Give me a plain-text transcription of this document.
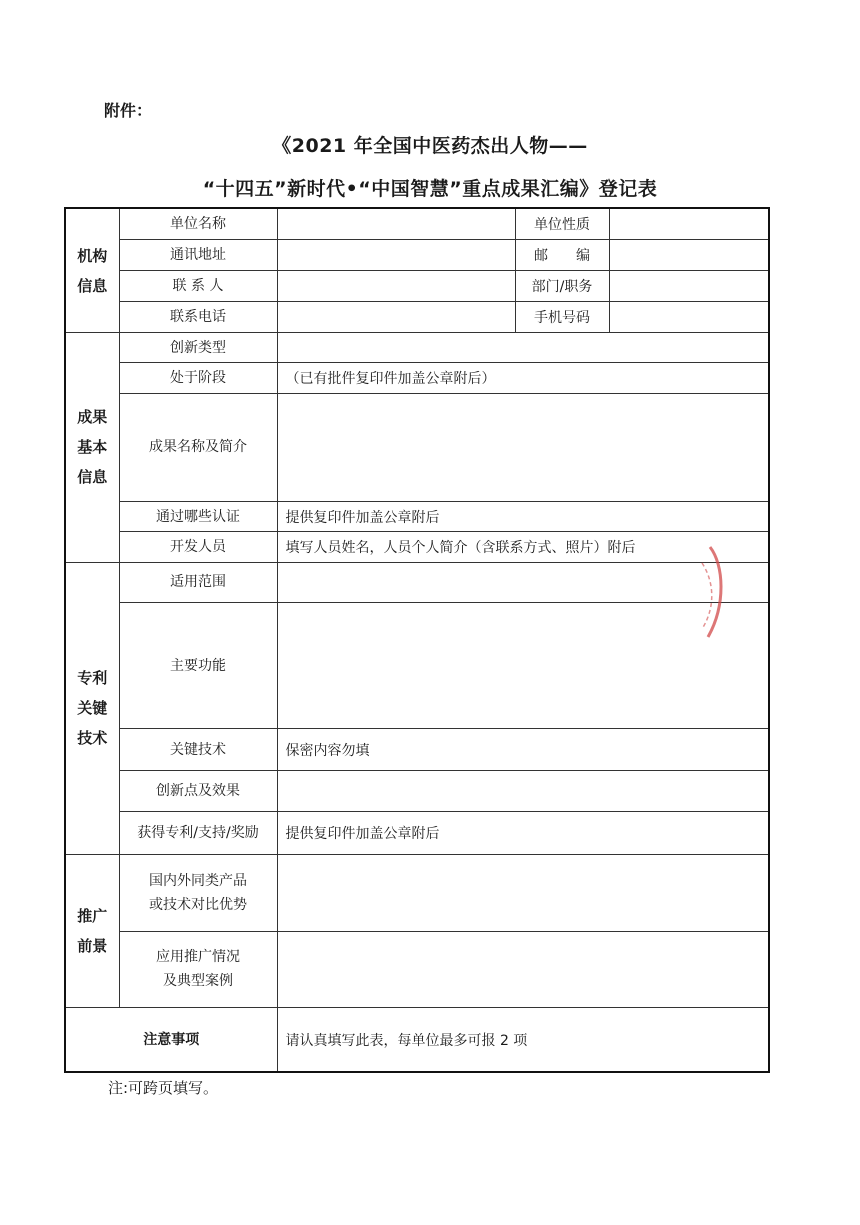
附件：
《2021 年全国中医药杰出人物——
“十四五”新时代•“中国智慧”重点成果汇编》登记表
机构
信息	单位名称		单位性质	
	通讯地址		邮　　编	
	联 系 人		部门/职务	
	联系电话		手机号码	
成果
基本
信息	创新类型			
	处于阶段	（已有批件复印件加盖公章附后）		
	成果名称及简介			
	通过哪些认证	提供复印件加盖公章附后		
	开发人员	填写人员姓名，人员个人简介（含联系方式、照片）附后		
专利
关键
技术	适用范围			
	主要功能			
	关键技术	保密内容勿填		
	创新点及效果			
	获得专利/支持/奖励	提供复印件加盖公章附后		
推广
前景	国内外同类产品
或技术对比优势			
	应用推广情况
及典型案例			
注意事项		请认真填写此表，每单位最多可报 2 项		
注:可跨页填写。
